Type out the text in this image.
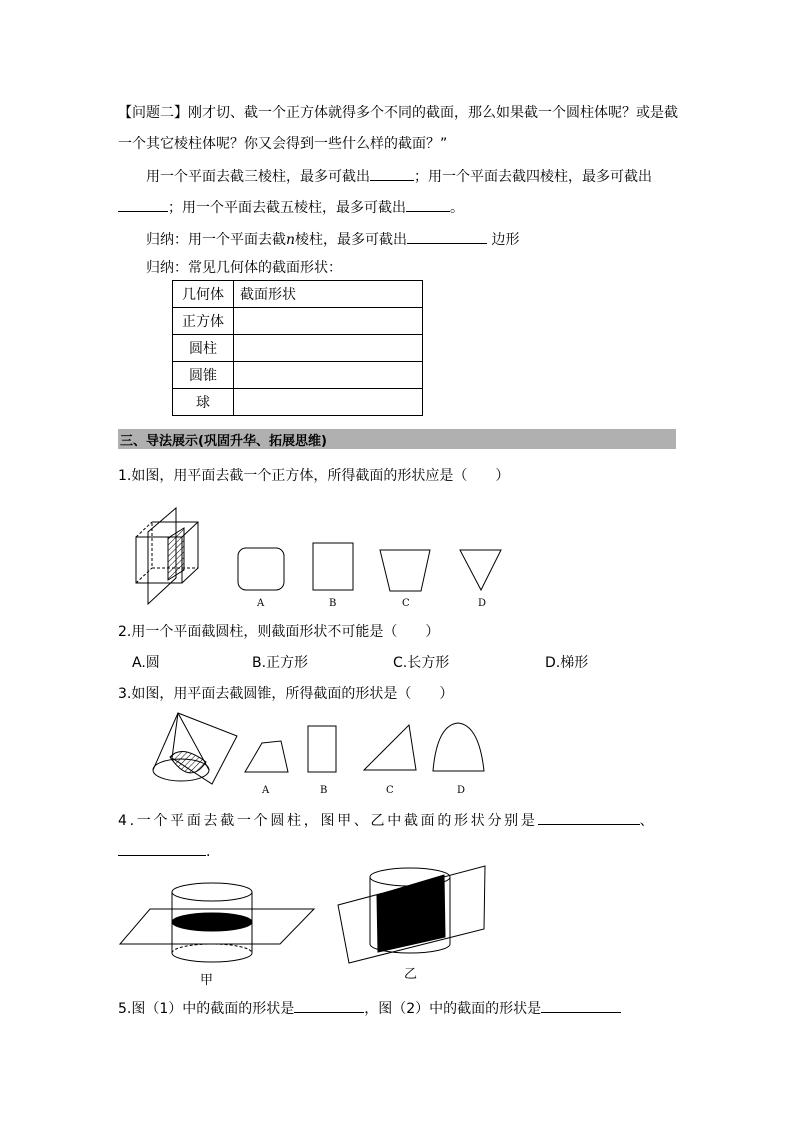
【问题二】刚才切、截一个正方体就得多个不同的截面，那么如果截一个圆柱体呢？或是截
一个其它棱柱体呢？你又会得到一些什么样的截面？”
用一个平面去截三棱柱，最多可截出	；用一个平面去截四棱柱，最多可截出
；用一个平面去截五棱柱，最多可截出	。
归纳：用一个平面去截n棱柱，最多可截出	边形
归纳：常见几何体的截面形状：
几何体	截面形状
正方体	
圆柱	
圆锥	
球	
三、导法展示(巩固升华、拓展思维)
1.如图，用平面去截一个正方体，所得截面的形状应是（　　）
2.用一个平面截圆柱，则截面形状不可能是（　　）
A.圆	B.正方形	C.长方形	D.梯形
3.如图，用平面去截圆锥，所得截面的形状是（　　）
4.一个平面去截一个圆柱，图甲、乙中截面的形状分别是	、
.
5.图（1）中的截面的形状是	，图（2）中的截面的形状是
A	B	C	D
A	B	C	D
甲	乙
